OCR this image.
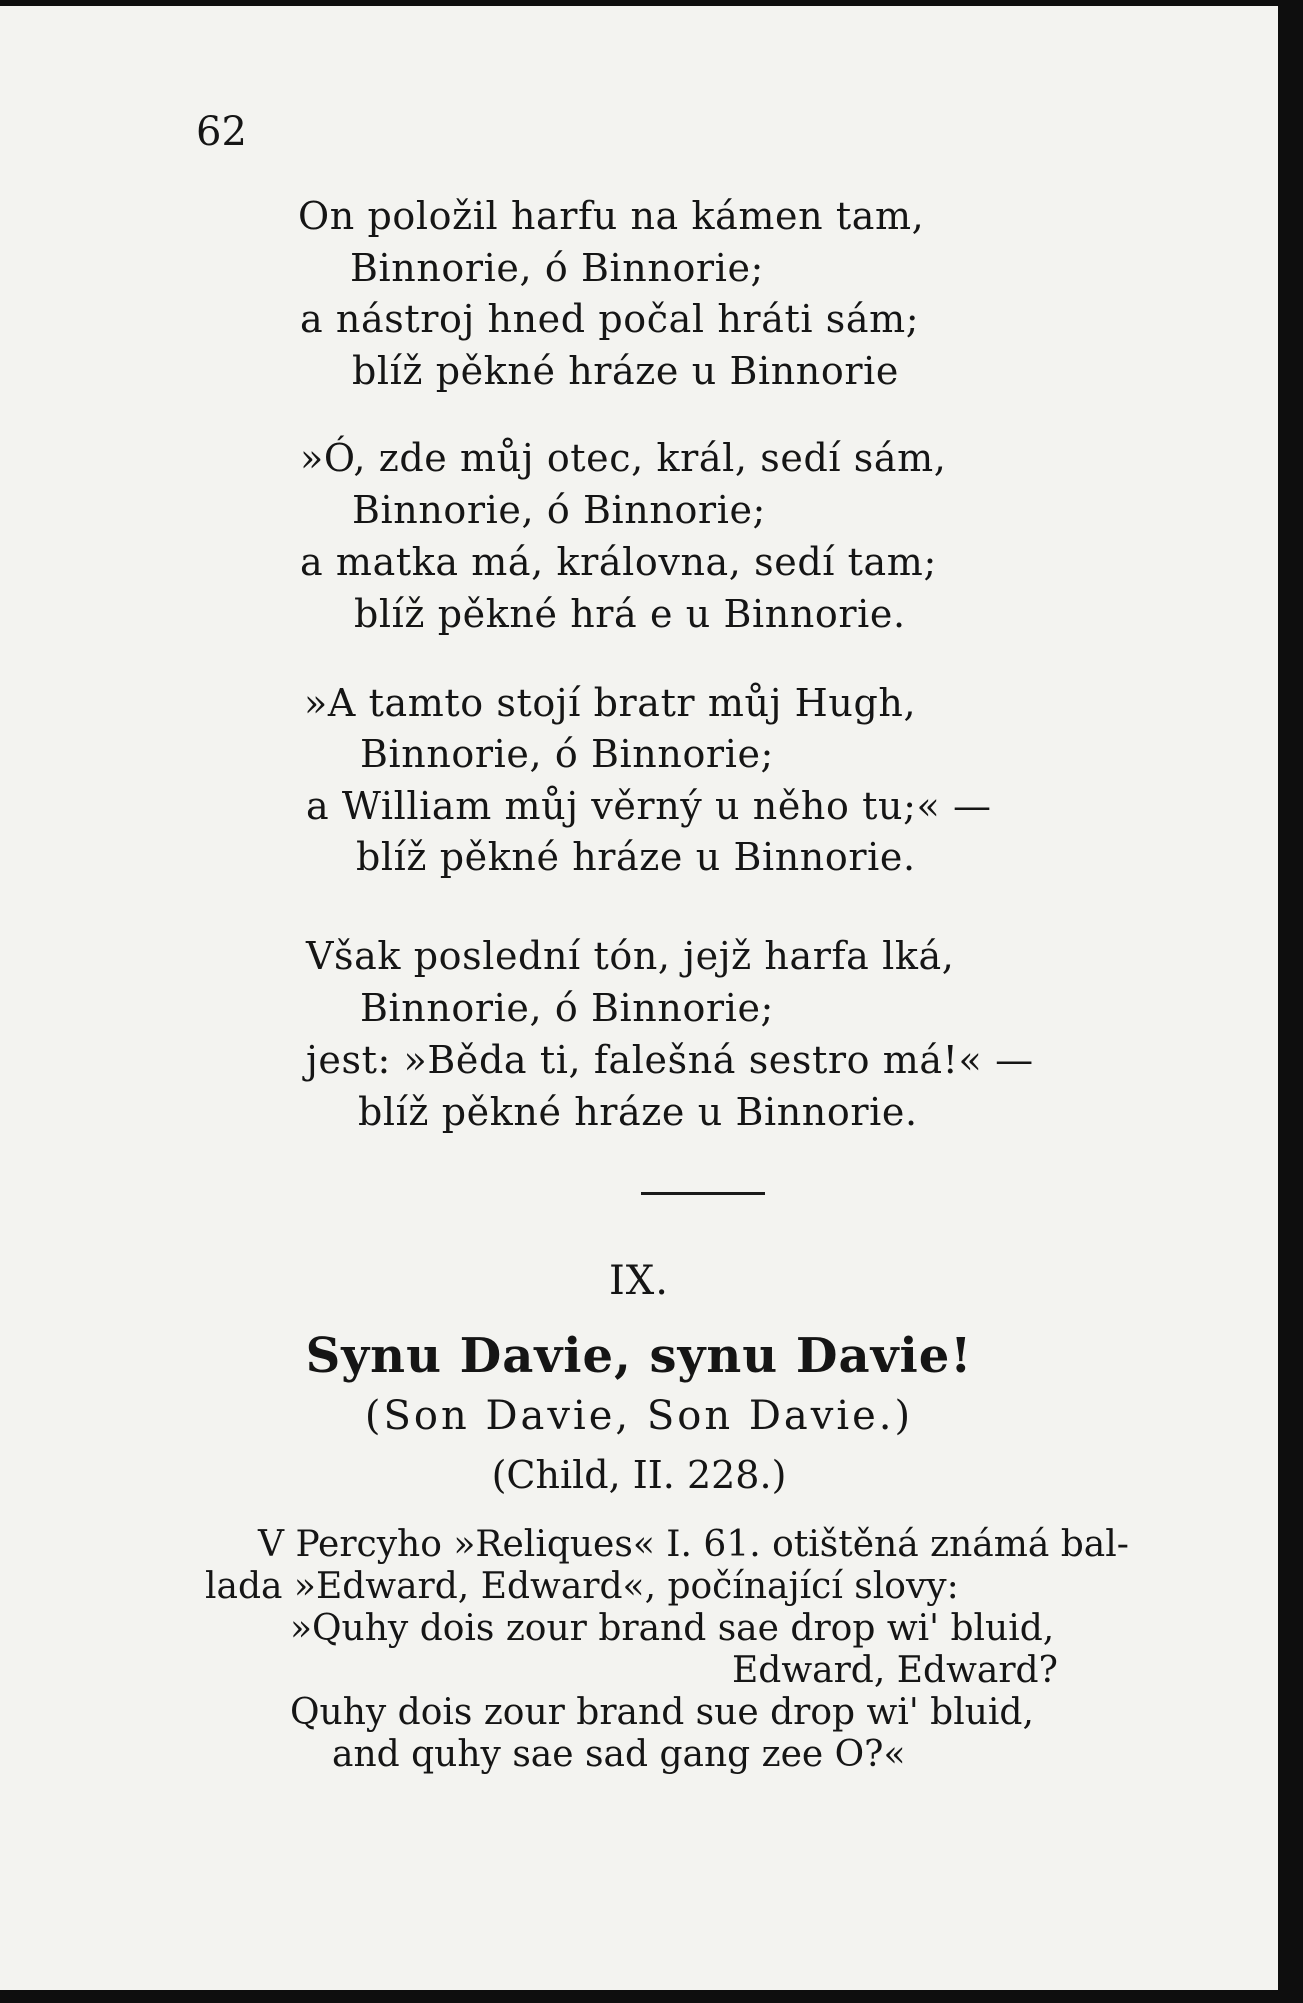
62
On položil harfu na kámen tam,
Binnorie, ó Binnorie;
a nástroj hned počal hráti sám;
blíž pěkné hráze u Binnorie
»Ó, zde můj otec, král, sedí sám,
Binnorie, ó Binnorie;
a matka má, královna, sedí tam;
blíž pěkné hrá e u Binnorie.
»A tamto stojí bratr můj Hugh,
Binnorie, ó Binnorie;
a William můj věrný u něho tu;« —
blíž pěkné hráze u Binnorie.
Však poslední tón, jejž harfa lká,
Binnorie, ó Binnorie;
jest: »Běda ti, falešná sestro má!« —
blíž pěkné hráze u Binnorie.
IX.
Synu Davie, synu Davie!
(Son Davie, Son Davie.)
(Child, II. 228.)
V Percyho »Reliques« I. 61. otištěná známá bal-
lada »Edward, Edward«, počínající slovy:
»Quhy dois zour brand sae drop wi' bluid,
Edward, Edward?
Quhy dois zour brand sue drop wi' bluid,
and quhy sae sad gang zee O?«
